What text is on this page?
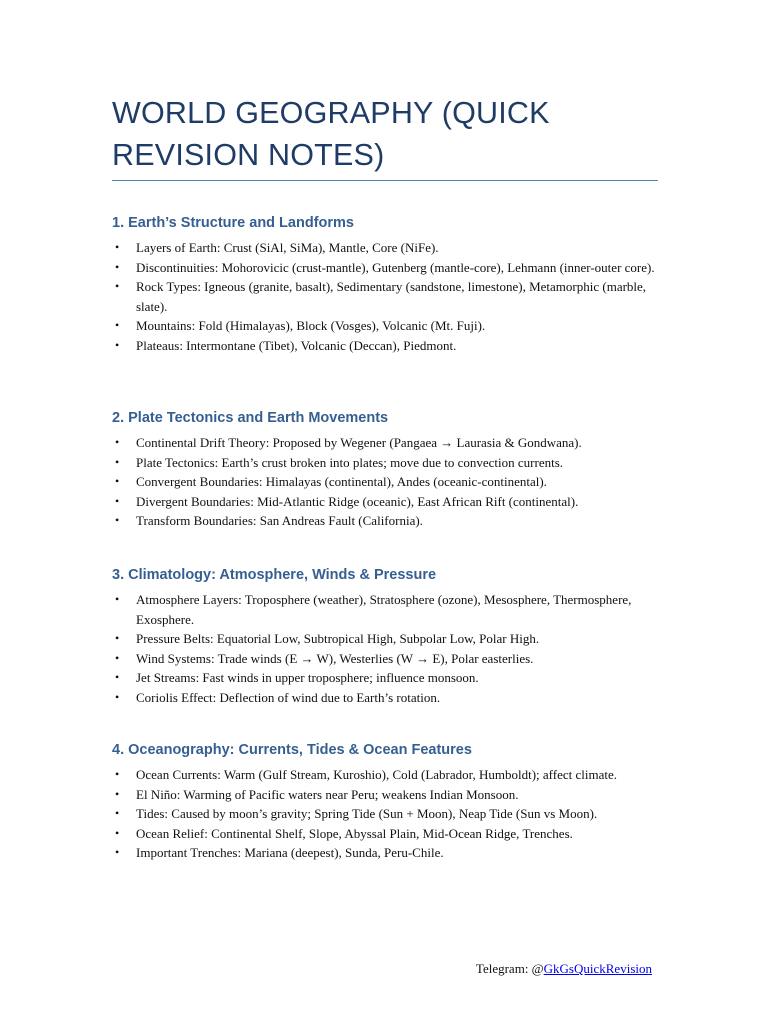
WORLD GEOGRAPHY (QUICK REVISION NOTES)
1. Earth’s Structure and Landforms
• Layers of Earth: Crust (SiAl, SiMa), Mantle, Core (NiFe).
• Discontinuities: Mohorovicic (crust-mantle), Gutenberg (mantle-core), Lehmann (inner-outer core).
• Rock Types: Igneous (granite, basalt), Sedimentary (sandstone, limestone), Metamorphic (marble, slate).
• Mountains: Fold (Himalayas), Block (Vosges), Volcanic (Mt. Fuji).
• Plateaus: Intermontane (Tibet), Volcanic (Deccan), Piedmont.
2. Plate Tectonics and Earth Movements
• Continental Drift Theory: Proposed by Wegener (Pangaea → Laurasia & Gondwana).
• Plate Tectonics: Earth’s crust broken into plates; move due to convection currents.
• Convergent Boundaries: Himalayas (continental), Andes (oceanic-continental).
• Divergent Boundaries: Mid-Atlantic Ridge (oceanic), East African Rift (continental).
• Transform Boundaries: San Andreas Fault (California).
3. Climatology: Atmosphere, Winds & Pressure
• Atmosphere Layers: Troposphere (weather), Stratosphere (ozone), Mesosphere, Thermosphere, Exosphere.
• Pressure Belts: Equatorial Low, Subtropical High, Subpolar Low, Polar High.
• Wind Systems: Trade winds (E → W), Westerlies (W → E), Polar easterlies.
• Jet Streams: Fast winds in upper troposphere; influence monsoon.
• Coriolis Effect: Deflection of wind due to Earth’s rotation.
4. Oceanography: Currents, Tides & Ocean Features
• Ocean Currents: Warm (Gulf Stream, Kuroshio), Cold (Labrador, Humboldt); affect climate.
• El Niño: Warming of Pacific waters near Peru; weakens Indian Monsoon.
• Tides: Caused by moon’s gravity; Spring Tide (Sun + Moon), Neap Tide (Sun vs Moon).
• Ocean Relief: Continental Shelf, Slope, Abyssal Plain, Mid-Ocean Ridge, Trenches.
• Important Trenches: Mariana (deepest), Sunda, Peru-Chile.
Telegram: @GkGsQuickRevision
